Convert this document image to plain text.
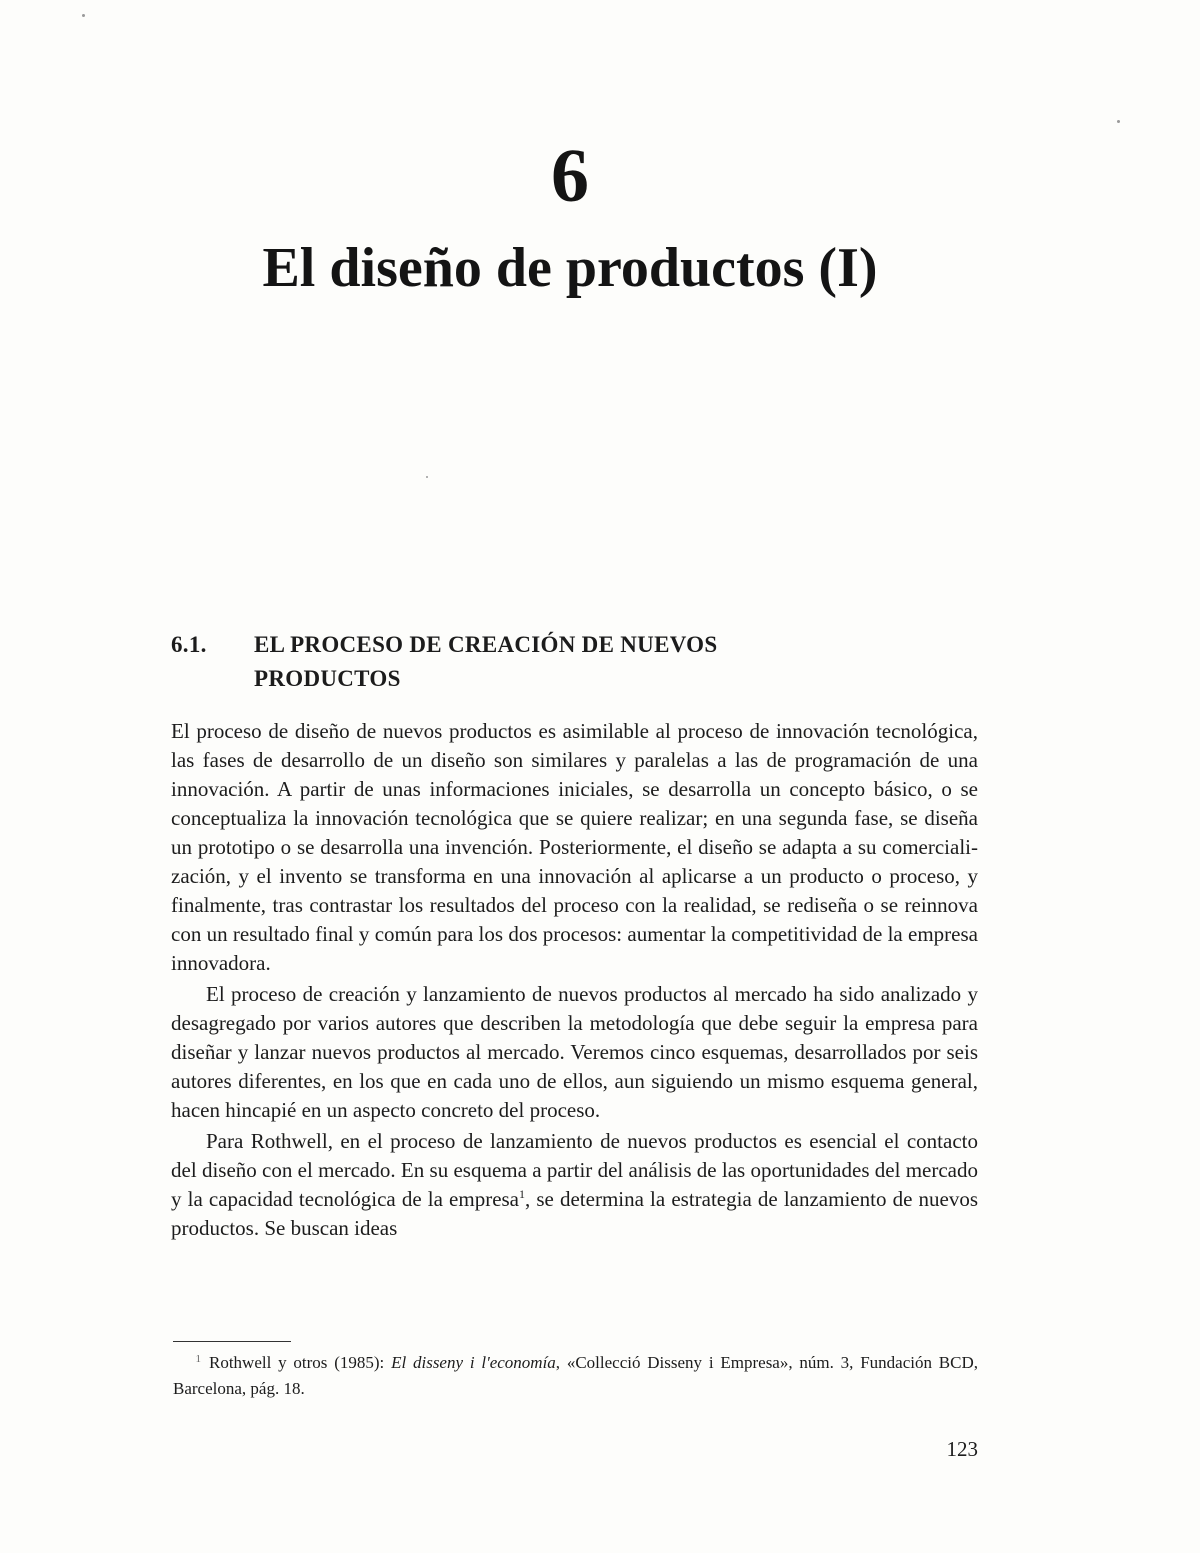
6
El diseño de productos (I)
6.1. EL PROCESO DE CREACIÓN DE NUEVOS PRODUCTOS

El proceso de diseño de nuevos productos es asimilable al proceso de innovación tecnológica, las fases de desarrollo de un diseño son similares y paralelas a las de programación de una innovación. A partir de unas informaciones iniciales, se desarrolla un concepto básico, o se conceptualiza la innovación tecnológica que se quiere realizar; en una segunda fase, se diseña un prototipo o se desarrolla una invención. Posteriormente, el diseño se adapta a su comercialización, y el invento se transforma en una innovación al aplicarse a un producto o proceso, y finalmente, tras contrastar los resultados del proceso con la realidad, se rediseña o se reinnova con un resultado final y común para los dos procesos: aumentar la competitividad de la empresa innovadora.

El proceso de creación y lanzamiento de nuevos productos al mercado ha sido analizado y desagregado por varios autores que describen la metodología que debe seguir la empresa para diseñar y lanzar nuevos productos al mercado. Veremos cinco esquemas, desarrollados por seis autores diferentes, en los que en cada uno de ellos, aun siguiendo un mismo esquema general, hacen hincapié en un aspecto concreto del proceso.

Para Rothwell, en el proceso de lanzamiento de nuevos productos es esencial el contacto del diseño con el mercado. En su esquema a partir del análisis de las oportunidades del mercado y la capacidad tecnológica de la empresa$^1$, se determina la estrategia de lanzamiento de nuevos productos. Se buscan ideas

1 Rothwell y otros (1985): El disseny i l'economía, «Collecció Disseny i Empresa», núm. 3, Fundación BCD, Barcelona, pág. 18.
123
